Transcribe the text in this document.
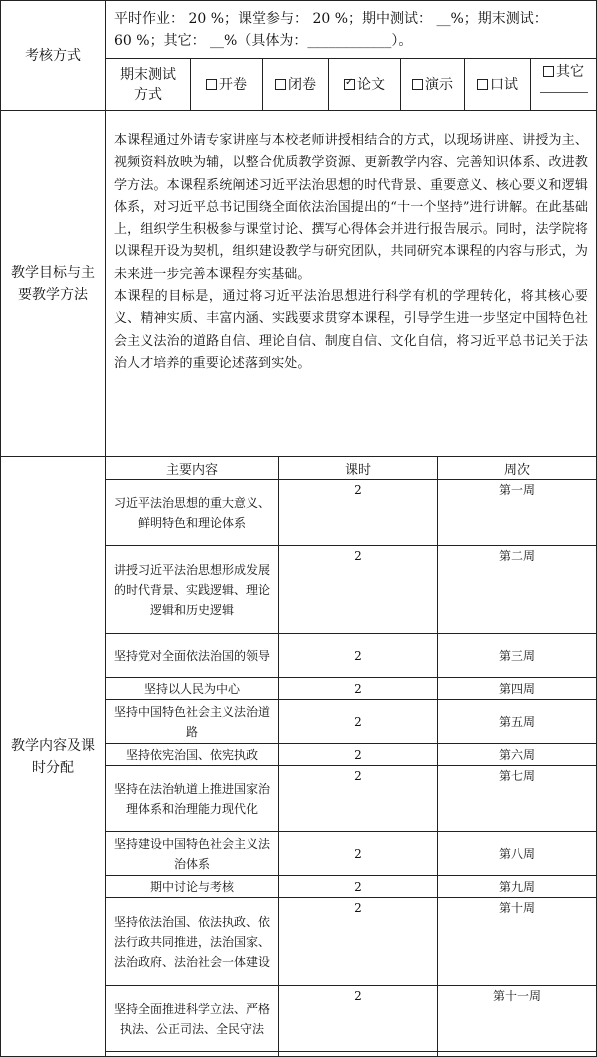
考核方式
平时作业： 20 %；课堂参与： 20 %；期中测试： __%；期末测试：
60 %；其它： __%（具体为：____________）。
期末测试方式
开卷	闭卷
✓	论文	演示	口试
其它
教学目标与主要教学方法

本课程通过外请专家讲座与本校老师讲授相结合的方式，以现场讲座、讲授为主、视频资料放映为辅，以整合优质教学资源、更新教学内容、完善知识体系、改进教学方法。本课程系统阐述习近平法治思想的时代背景、重要意义、核心要义和逻辑体系，对习近平总书记围绕全面依法治国提出的“十一个坚持”进行讲解。在此基础上，组织学生积极参与课堂讨论、撰写心得体会并进行报告展示。同时，法学院将以课程开设为契机，组织建设教学与研究团队，共同研究本课程的内容与形式，为未来进一步完善本课程夯实基础。

本课程的目标是，通过将习近平法治思想进行科学有机的学理转化，将其核心要义、精神实质、丰富内涵、实践要求贯穿本课程，引导学生进一步坚定中国特色社会主义法治的道路自信、理论自信、制度自信、文化自信，将习近平总书记关于法治人才培养的重要论述落到实处。

教学内容及课时分配
主要内容	课时	周次
习近平法治思想的重大意义、鲜明特色和理论体系
2	第一周
讲授习近平法治思想形成发展的时代背景、实践逻辑、理论逻辑和历史逻辑
2	第二周
坚持党对全面依法治国的领导	2	第三周
坚持以人民为中心	2	第四周
坚持中国特色社会主义法治道路
2	第五周
坚持依宪治国、依宪执政	2	第六周
坚持在法治轨道上推进国家治理体系和治理能力现代化
2	第七周
坚持建设中国特色社会主义法治体系
2	第八周
期中讨论与考核	2	第九周
坚持依法治国、依法执政、依法行政共同推进，法治国家、法治政府、法治社会一体建设
2	第十周
坚持全面推进科学立法、严格执法、公正司法、全民守法
2	第十一周
